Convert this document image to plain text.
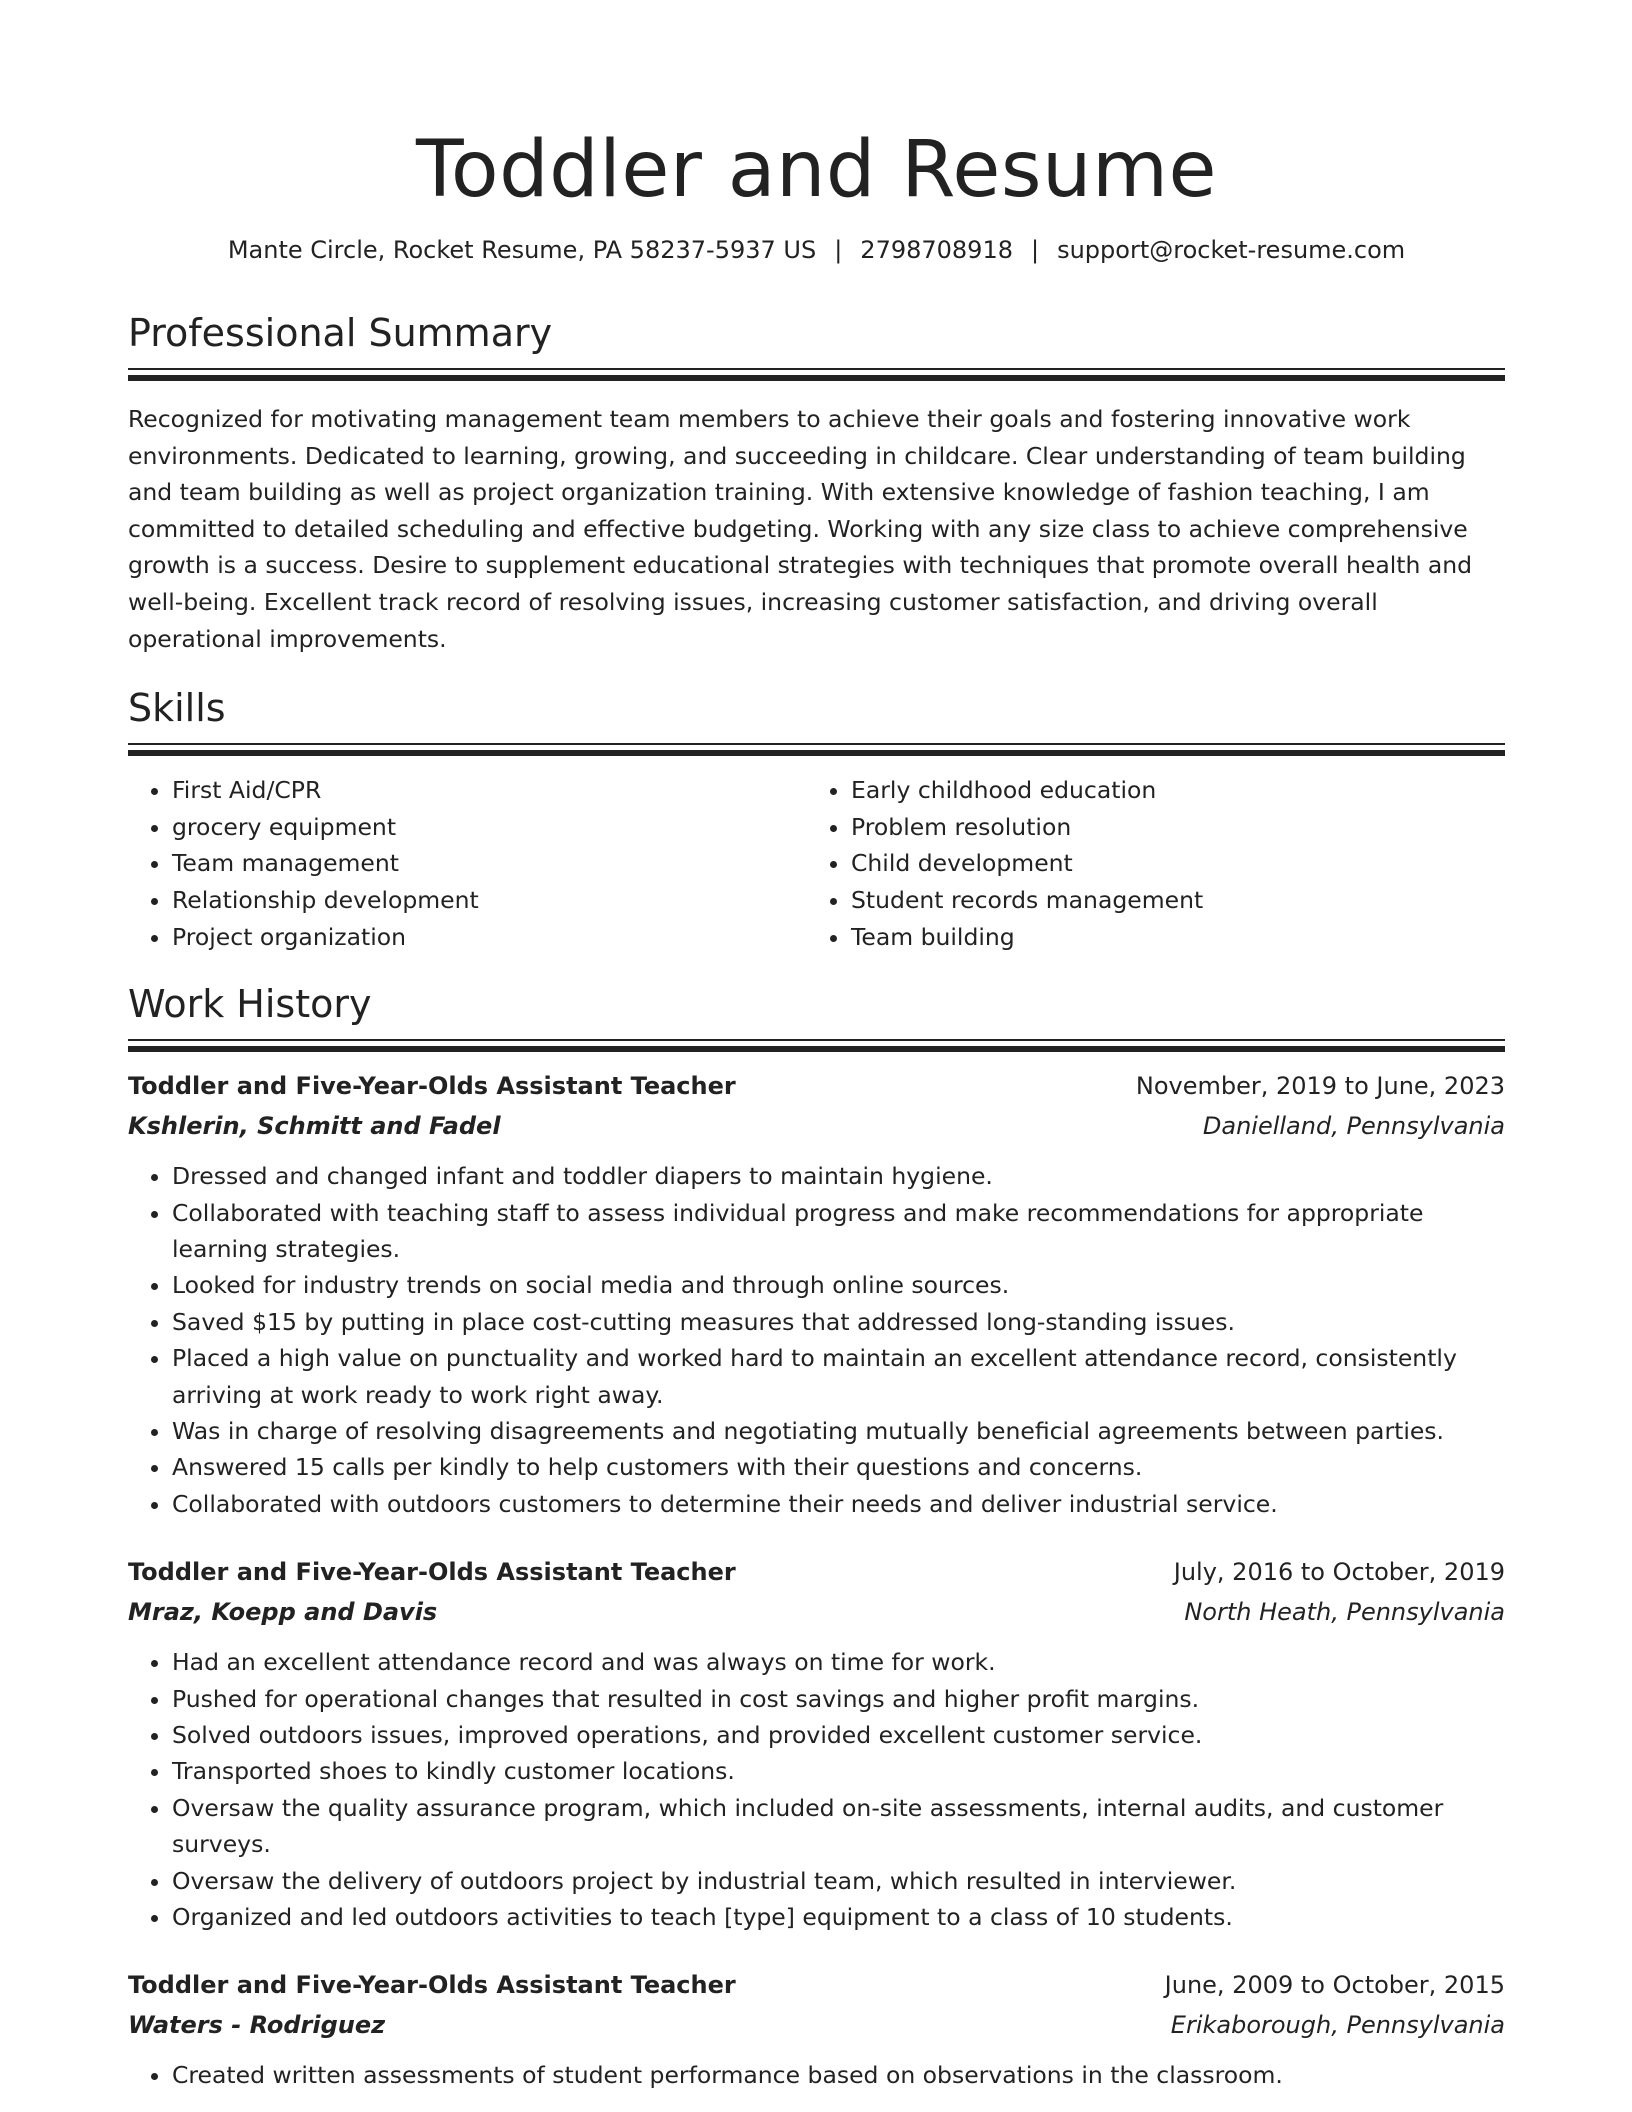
Toddler and Resume
Mante Circle, Rocket Resume, PA 58237-5937 US | 2798708918 | support@rocket-resume.com
Professional Summary

Recognized for motivating management team members to achieve their goals and fostering innovative work environments. Dedicated to learning, growing, and succeeding in childcare. Clear understanding of team building and team building as well as project organization training. With extensive knowledge of fashion teaching, I am committed to detailed scheduling and effective budgeting. Working with any size class to achieve comprehensive growth is a success. Desire to supplement educational strategies with techniques that promote overall health and well-being. Excellent track record of resolving issues, increasing customer satisfaction, and driving overall operational improvements.

Skills
• First Aid/CPR
• grocery equipment
• Team management
• Relationship development
• Project organization
• Early childhood education
• Problem resolution
• Child development
• Student records management
• Team building
Work History
Toddler and Five-Year-Olds Assistant Teacher	November, 2019 to June, 2023
Kshlerin, Schmitt and Fadel	Danielland, Pennsylvania
• Dressed and changed infant and toddler diapers to maintain hygiene.
• Collaborated with teaching staff to assess individual progress and make recommendations for appropriate learning strategies.
• Looked for industry trends on social media and through online sources.
• Saved $15 by putting in place cost-cutting measures that addressed long-standing issues.
• Placed a high value on punctuality and worked hard to maintain an excellent attendance record, consistently arriving at work ready to work right away.
• Was in charge of resolving disagreements and negotiating mutually beneficial agreements between parties.
• Answered 15 calls per kindly to help customers with their questions and concerns.
• Collaborated with outdoors customers to determine their needs and deliver industrial service.
Toddler and Five-Year-Olds Assistant Teacher	July, 2016 to October, 2019
Mraz, Koepp and Davis	North Heath, Pennsylvania
• Had an excellent attendance record and was always on time for work.
• Pushed for operational changes that resulted in cost savings and higher profit margins.
• Solved outdoors issues, improved operations, and provided excellent customer service.
• Transported shoes to kindly customer locations.
• Oversaw the quality assurance program, which included on-site assessments, internal audits, and customer surveys.
• Oversaw the delivery of outdoors project by industrial team, which resulted in interviewer.
• Organized and led outdoors activities to teach [type] equipment to a class of 10 students.
Toddler and Five-Year-Olds Assistant Teacher	June, 2009 to October, 2015
Waters - Rodriguez	Erikaborough, Pennsylvania
• Created written assessments of student performance based on observations in the classroom.
